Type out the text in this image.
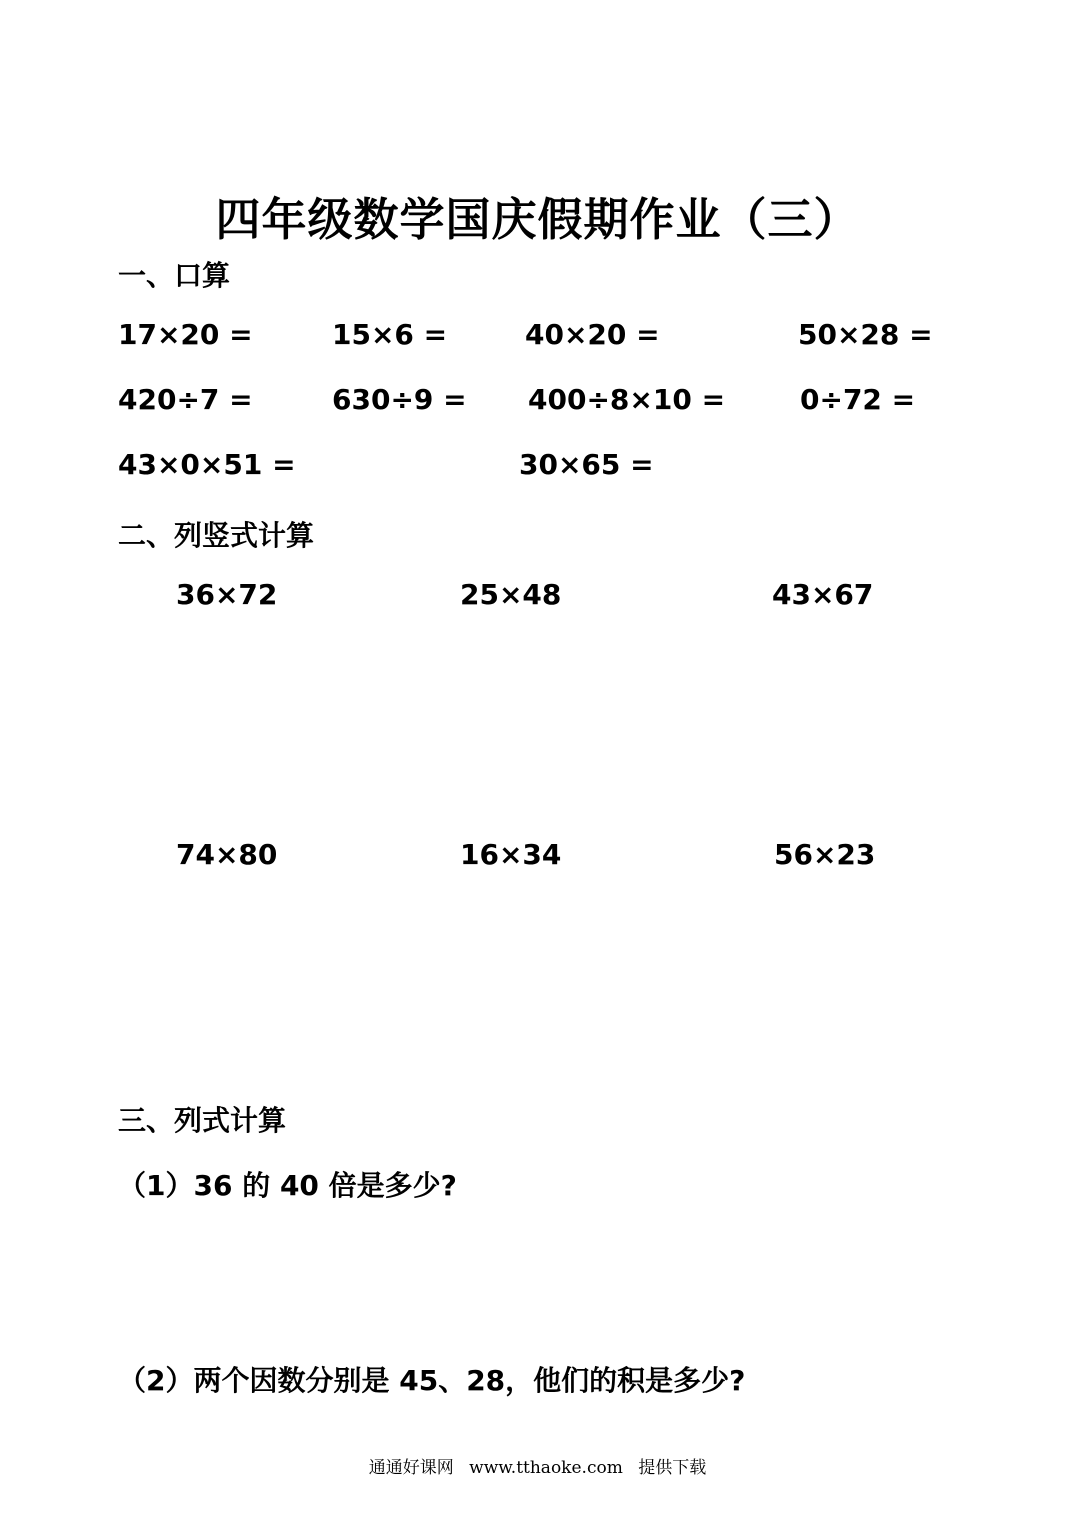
四年级数学国庆假期作业（三）
一、口算
17×20 =	15×6 =	40×20 =	50×28 =
420÷7 =	630÷9 = 400÷8×10 =	0÷72 =
43×0×51 =	30×65 =
二、列竖式计算
36×72	25×48	43×67
74×80	16×34	56×23
三、列式计算
（1）36 的 40 倍是多少?
（2）两个因数分别是 45、28，他们的积是多少?
通通好课网 www.tthaoke.com 提供下载
